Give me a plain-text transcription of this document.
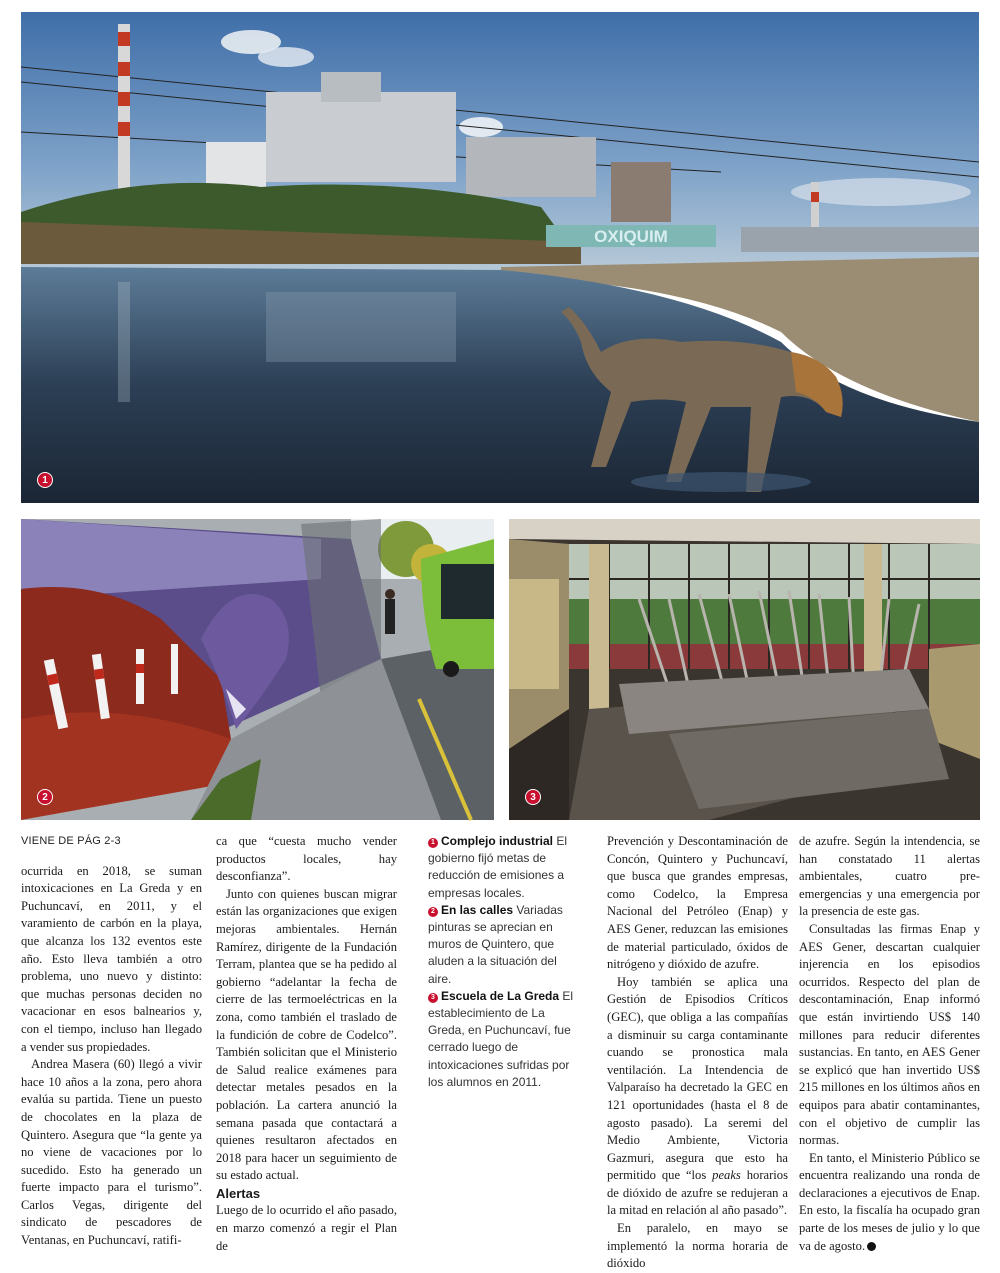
OXIQUIM
1
2	3
VIENE DE PÁG 2-3

ocurrida en 2018, se suman intoxicaciones en La Greda y en Puchuncaví, en 2011, y el varamiento de carbón en la playa, que alcanza los 132 eventos este año. Esto lleva también a otro problema, uno nuevo y distinto: que muchas personas deciden no vacacionar en esos balnearios y, con el tiempo, incluso han llegado a vender sus propiedades.

Andrea Masera (60) llegó a vivir hace 10 años a la zona, pero ahora evalúa su partida. Tiene un puesto de chocolates en la plaza de Quintero. Asegura que “la gente ya no viene de vacaciones por lo sucedido. Esto ha generado un fuerte impacto para el turismo”. Carlos Vegas, dirigente del sindicato de pescadores de Ventanas, en Puchuncaví, ratifi-

ca que “cuesta mucho vender productos locales, hay desconfianza”.

Junto con quienes buscan migrar están las organizaciones que exigen mejoras ambientales. Hernán Ramírez, dirigente de la Fundación Terram, plantea que se ha pedido al gobierno “adelantar la fecha de cierre de las termoeléctricas en la zona, como también el traslado de la fundición de cobre de Codelco”. También solicitan que el Ministerio de Salud realice exámenes para detectar metales pesados en la población. La cartera anunció la semana pasada que contactará a quienes resultaron afectados en 2018 para hacer un seguimiento de su estado actual.

Alertas

Luego de lo ocurrido el año pasado, en marzo comenzó a regir el Plan de

1 Complejo industrial El gobierno fijó metas de reducción de emisiones a empresas locales.

2 En las calles Variadas pinturas se aprecian en muros de Quintero, que aluden a la situación del aire.

3 Escuela de La Greda El establecimiento de La Greda, en Puchuncaví, fue cerrado luego de intoxicaciones sufridas por los alumnos en 2011.

Prevención y Descontaminación de Concón, Quintero y Puchuncaví, que busca que grandes empresas, como Codelco, la Empresa Nacional del Petróleo (Enap) y AES Gener, reduzcan las emisiones de material particulado, óxidos de nitrógeno y dióxido de azufre.

Hoy también se aplica una Gestión de Episodios Críticos (GEC), que obliga a las compañías a disminuir su carga contaminante cuando se pronostica mala ventilación. La Intendencia de Valparaíso ha decretado la GEC en 121 oportunidades (hasta el 8 de agosto pasado). La seremi del Medio Ambiente, Victoria Gazmuri, asegura que esto ha permitido que “los peaks horarios de dióxido de azufre se redujeran a la mitad en relación al año pasado”.

En paralelo, en mayo se implementó la norma horaria de dióxido

de azufre. Según la intendencia, se han constatado 11 alertas ambientales, cuatro pre- emergencias y una emergencia por la presencia de este gas.

Consultadas las firmas Enap y AES Gener, descartan cualquier injerencia en los episodios ocurridos. Respecto del plan de descontaminación, Enap informó que están invirtiendo US$ 140 millones para reducir diferentes sustancias. En tanto, en AES Gener se explicó que han invertido US$ 215 millones en los últimos años en equipos para abatir contaminantes, con el objetivo de cumplir las normas.

En tanto, el Ministerio Público se encuentra realizando una ronda de declaraciones a ejecutivos de Enap. En esto, la fiscalía ha ocupado gran parte de los meses de julio y lo que va de agosto.
